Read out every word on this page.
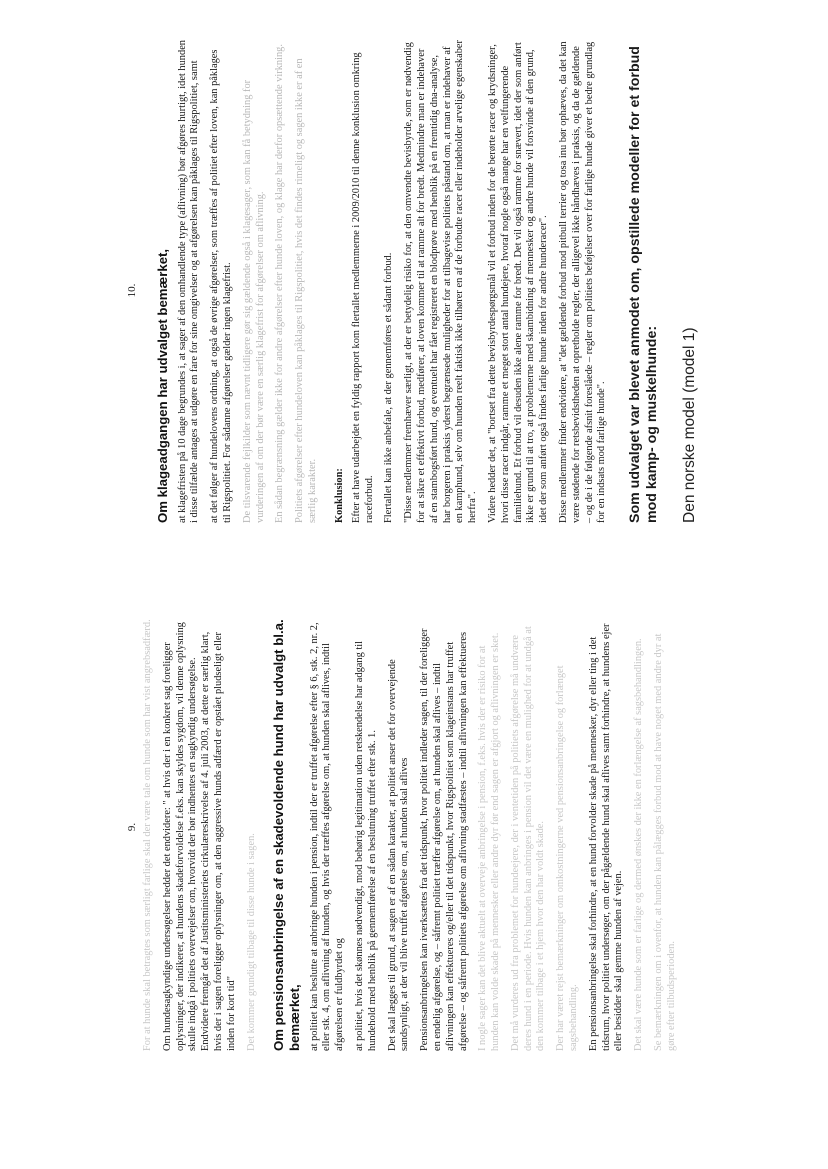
9. For at hunde skal betragtes som særligt farlige skal der være tale om hunde som har vist angrebsadfærd. Om hundesagkyndige undersøgelser hedder det endvidere: " at hvis der i en konkret sag foreligger oplysninger, der indikerer, at hundens skadeforvoldelse f.eks. kan skyldes sygdom, vil denne oplysning skulle indgå i politiets overvejelser om, hvorvidt der bør indhentes en sagkyndig undersøgelse. Endvidere fremgår det af Justitsministeriets cirkulæreskrivelse af 4. juli 2003, at dette er særlig klart, hvis der i sagen foreligger oplysninger om, at den aggressive hunds adfærd er opstået pludseligt eller inden for kort tid" Det kommer grundigt tilbage til disse hunde i sagen. Om pensionsanbringelse af en skadevoldende hund har udvalgt bl.a. bemærket, at politiet kan beslutte at anbringe hunden i pension, indtil der er truffet afgørelse efter § 6, stk. 2, nr. 2, eller stk. 4, om aflivning af hunden, og hvis der træffes afgørelse om, at hunden skal aflives, indtil afgørelsen er fuldbyrdet og at politiet, hvis det skønnes nødvendigt, mod behørig legitimation uden retskendelse har adgang til hundehold med henblik på gennemførelse af en beslutning truffet efter stk. 1. Det skal lægges til grund, at sagen er af en sådan karakter, at politiet anser det for overvejende sandsynligt, at der vil blive truffet afgørelse om, at hunden skal aflives Pensionsanbringelsen kan iværksættes fra det tidspunkt, hvor politiet indleder sagen, til der foreligger en endelig afgørelse, og – såfremt politiet træffer afgørelse om, at hunden skal aflives – indtil aflivningen kan effektueres og/eller til det tidspunkt, hvor Rigspolitiet som klageinstans har truffet afgørelse – og såfremt politiets afgørelse om aflivning stadfæstes – indtil aflivningen kan effektueres I nogle sager kan det blive aktuelt at overveje anbringelse i pension, f.eks. hvis der er risiko for at hunden kan volde skade på mennesker eller andre dyr før end sagen er afgjort og aflivningen er sket. Det må vurderes ud fra problemet for hundeejere, der i ventetiden på politiets afgørelse må undvære deres hund i en periode. Hvis hunden kan anbringes i pension vil det være en mulighed for at undgå at den kommer tilbage i et hjem hvor den har voldt skade. Der har været rejst bemærkninger om omkostningerne ved pensionsanbringelse og forlænget sagsbehandling. En pensionsanbringelse skal forhindre, at en hund forvolder skade på mennesker, dyr eller ting i det tidsrum, hvor politiet undersøger, om der pågældende hund skal aflives samt forhindre, at hundens ejer eller besidder skal gemme hunden af vejen. Det skal være hunde som er farlige og dermed ønskes der ikke en forlængelse af sagsbehandlingen. Se bemærkningen om i ovenfor, at hunden kan pålægges forbud mod at have noget med andre dyr at gøre efter tilbudsperioden.

10. Om klageadgangen har udvalget bemærket, at klagefristen på 10 dage begrundes i, at sager af den omhandlende type (aflivning) bør afgøres hurtigt, idet hunden i disse tilfælde antages at udgøre en fare for sine omgivelser og at afgørelsen kan påklages til Rigspolitiet, samt at det følger af hundelovens ordning, at også de øvrige afgørelser, som træffes af politiet efter loven, kan påklages til Rigspolitiet. For sådanne afgørelser gælder ingen klagefrist. De tilsvarende fejlkilder som nævnt tidligere gør sig gældende også i klagesager, som kan få betydning for vurderingen af om der bør være en særlig klagefrist for afgørelser om aflivning. En sådan begrænsning gælder ikke for andre afgørelser efter hunde loven, og klage har derfor opsættende virkning. Politiets afgørelser efter hundeloven kan påklages til Rigspolitiet, hvis det findes rimeligt og sagen ikke er af en særlig karakter. Konklusion: Efter at have udarbejdet en fyldig rapport kom flertallet medlemmerne i 2009/2010 til denne konklusion omkring raceforbud. Flertallet kan ikke anbefale, at der gennemføres et sådant forbud. "Disse medlemmer fremhæver særligt, at der er betydelig risiko for, at den omvendte bevisbyrde, som er nødvendig for at sikre et effektivt forbud, medfører, at loven kommer til at ramme alt for bredt. Medmindre man er indehaver af en stambogsført hund, og eventuelt har fået registreret en blodprøve med henblik på en fremtidig dna-analyse, har borgeren i praksis yderst begrænsede muligheder for at tilbagevise politiets påstand om, at man er indehaver af en kamphund, selv om hunden reelt faktisk ikke tilhører en af de forbudte racer eller indeholder arvelige egenskaber herfra". Videre hedder det, at "bortset fra dette bevisbyrdespørgsmål vil et forbud inden for de berørte racer og krydsninger, hvori disse racer indgår, ramme et meget stort antal hundejere, hvoraf nogle også mange har en velfungerende familiehund. Et forbud vil desuden ikke alene ramme for bredt. Det vil også ramme for snævert, idet der som anført ikke er grund til at tro, at problemerne med skambidning af mennesker og andre hunde vil forsvinde af den grund, idet der som anført også findes farlige hunde inden for andre hunderacer". Disse medlemmer finder endvidere, at "det gældende forbud mod pitbull terrier og tosa inu bør ophæves, da det kan være stødende for retsbevidstheden at opretholde regler, der alligevel ikke håndhæves i praksis, og da de gældende – og de i de følgende afsnit foreslåede – regler om politiets beføjelser over for farlige hunde giver et bedre grundlag for en indsats mod farlige hunde". Som udvalget var blevet anmodet om, opstillede modeller for et forbud mod kamp- og muskelhunde: Den norske model (model 1)
